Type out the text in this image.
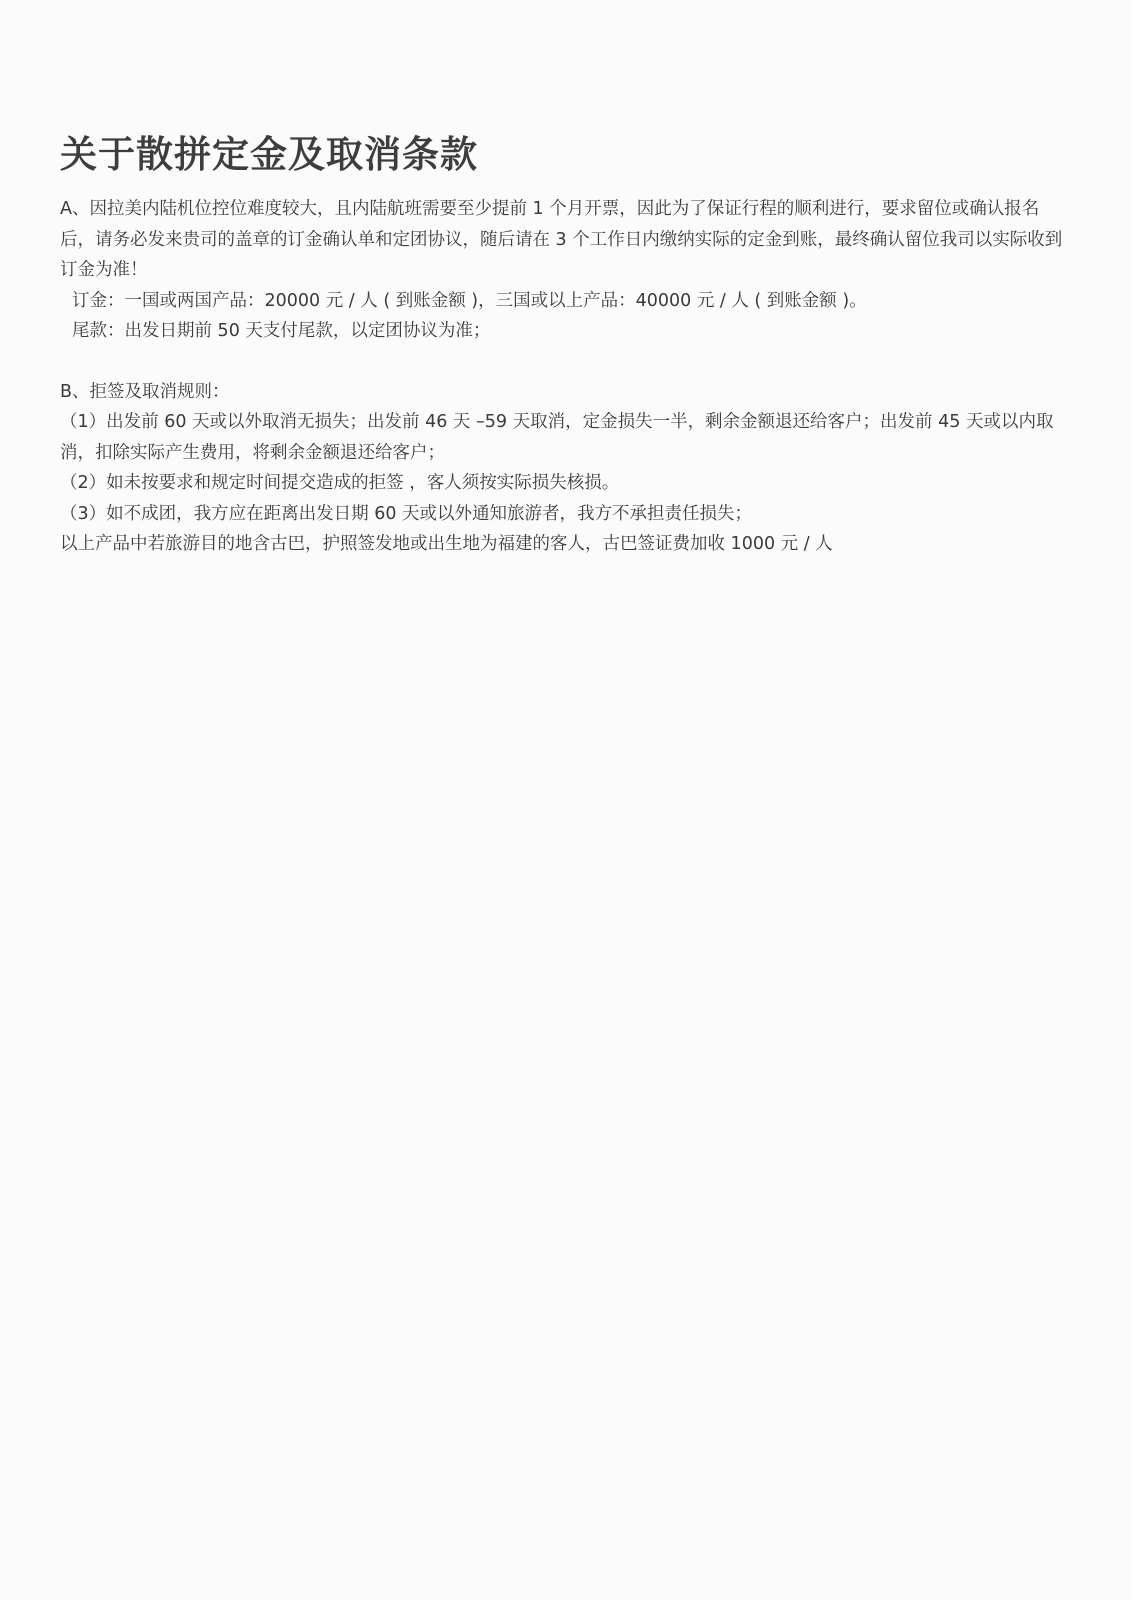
关于散拼定金及取消条款

A、因拉美内陆机位控位难度较大，且内陆航班需要至少提前 1 个月开票，因此为了保证行程的顺利进行，要求留位或确认报名后，请务必发来贵司的盖章的订金确认单和定团协议，随后请在 3 个工作日内缴纳实际的定金到账，最终确认留位我司以实际收到订金为准！

订金：一国或两国产品：20000 元 / 人 ( 到账金额 )，三国或以上产品：40000 元 / 人 ( 到账金额 )。

尾款：出发日期前 50 天支付尾款，以定团协议为准；

B、拒签及取消规则：

（1）出发前 60 天或以外取消无损失；出发前 46 天 –59 天取消，定金损失一半，剩余金额退还给客户；出发前 45 天或以内取消，扣除实际产生费用，将剩余金额退还给客户；

（2）如未按要求和规定时间提交造成的拒签 ，客人须按实际损失核损。

（3）如不成团，我方应在距离出发日期 60 天或以外通知旅游者，我方不承担责任损失；

以上产品中若旅游目的地含古巴，护照签发地或出生地为福建的客人，古巴签证费加收 1000 元 / 人
